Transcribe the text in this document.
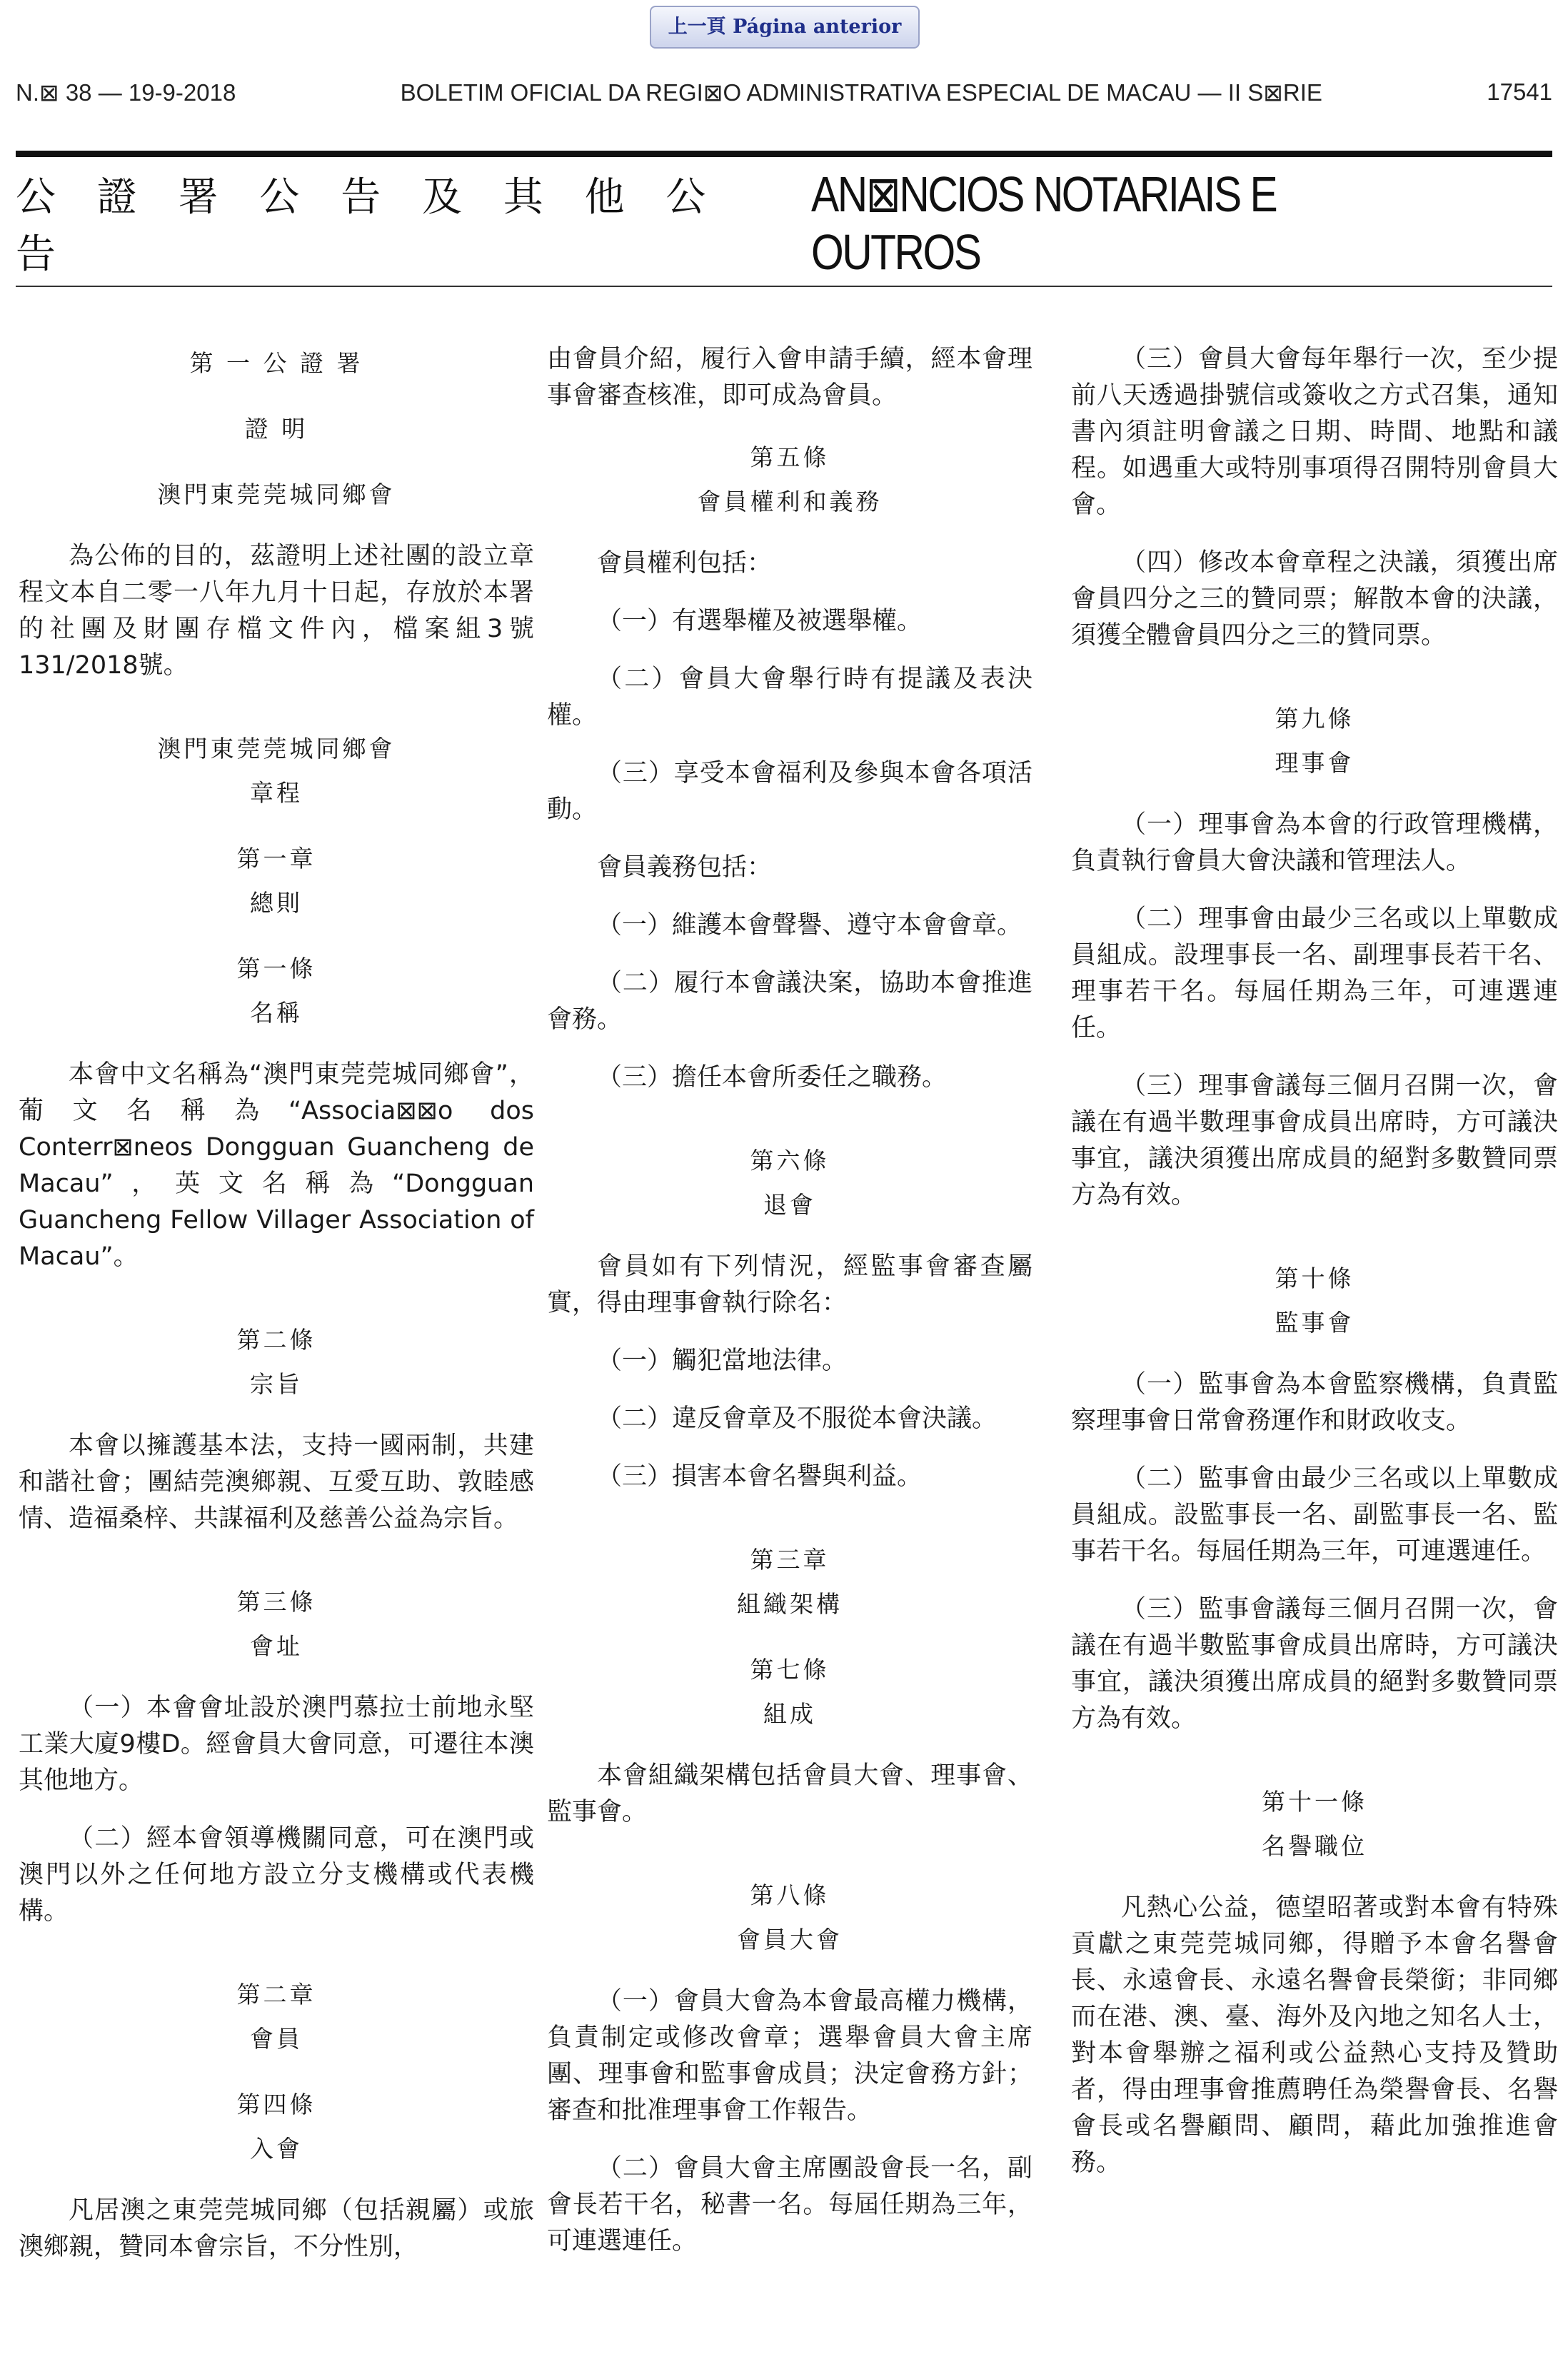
上一頁 Página anterior
N.⊠ 38 — 19-9-2018	BOLETIM OFICIAL DA REGI⊠O ADMINISTRATIVA ESPECIAL DE MACAU — II S⊠RIE	17541
公 證 署 公 告 及 其 他 公 告
AN⊠NCIOS NOTARIAIS E OUTROS
第 一 公 證 署
證 明
澳門東莞莞城同鄉會

為公佈的目的，茲證明上述社團的設立章程文本自二零一八年九月十日起，存放於本署的社團及財團存檔文件內，檔案組3號131/2018號。

澳門東莞莞城同鄉會
章程
第一章
總則
第一條
名稱

本會中文名稱為“澳門東莞莞城同鄉會”，葡文名稱為“Associa⊠⊠o dos Conterr⊠neos Dongguan Guancheng de Macau”，英文名稱為“Dongguan Guancheng Fellow Villager Association of Macau”。

第二條
宗旨

本會以擁護基本法，支持一國兩制，共建和諧社會；團結莞澳鄉親、互愛互助、敦睦感情、造福桑梓、共謀福利及慈善公益為宗旨。

第三條
會址

（一）本會會址設於澳門慕拉士前地永堅工業大廈9樓D。經會員大會同意，可遷往本澳其他地方。

（二）經本會領導機關同意，可在澳門或澳門以外之任何地方設立分支機構或代表機構。

第二章
會員
第四條
入會

凡居澳之東莞莞城同鄉（包括親屬）或旅澳鄉親，贊同本會宗旨，不分性別，

由會員介紹，履行入會申請手續，經本會理事會審查核准，即可成為會員。

第五條
會員權利和義務

會員權利包括：

（一）有選舉權及被選舉權。

（二）會員大會舉行時有提議及表決權。

（三）享受本會福利及參與本會各項活動。

會員義務包括：

（一）維護本會聲譽、遵守本會會章。

（二）履行本會議決案，協助本會推進會務。

（三）擔任本會所委任之職務。

第六條
退會

會員如有下列情況，經監事會審查屬實，得由理事會執行除名：

（一）觸犯當地法律。

（二）違反會章及不服從本會決議。

（三）損害本會名譽與利益。

第三章
組織架構
第七條
組成

本會組織架構包括會員大會、理事會、監事會。

第八條
會員大會

（一）會員大會為本會最高權力機構，負責制定或修改會章；選舉會員大會主席團、理事會和監事會成員；決定會務方針；審查和批准理事會工作報告。

（二）會員大會主席團設會長一名，副會長若干名，秘書一名。每屆任期為三年，可連選連任。

（三）會員大會每年舉行一次，至少提前八天透過掛號信或簽收之方式召集，通知書內須註明會議之日期、時間、地點和議程。如遇重大或特別事項得召開特別會員大會。

（四）修改本會章程之決議，須獲出席會員四分之三的贊同票；解散本會的決議，須獲全體會員四分之三的贊同票。

第九條
理事會

（一）理事會為本會的行政管理機構，負責執行會員大會決議和管理法人。

（二）理事會由最少三名或以上單數成員組成。設理事長一名、副理事長若干名、理事若干名。每屆任期為三年，可連選連任。

（三）理事會議每三個月召開一次，會議在有過半數理事會成員出席時，方可議決事宜，議決須獲出席成員的絕對多數贊同票方為有效。

第十條
監事會

（一）監事會為本會監察機構，負責監察理事會日常會務運作和財政收支。

（二）監事會由最少三名或以上單數成員組成。設監事長一名、副監事長一名、監事若干名。每屆任期為三年，可連選連任。

（三）監事會議每三個月召開一次，會議在有過半數監事會成員出席時，方可議決事宜，議決須獲出席成員的絕對多數贊同票方為有效。

第十一條
名譽職位

凡熱心公益，德望昭著或對本會有特殊貢獻之東莞莞城同鄉，得贈予本會名譽會長、永遠會長、永遠名譽會長榮銜；非同鄉而在港、澳、臺、海外及內地之知名人士，對本會舉辦之福利或公益熱心支持及贊助者，得由理事會推薦聘任為榮譽會長、名譽會長或名譽顧問、顧問，藉此加強推進會務。
